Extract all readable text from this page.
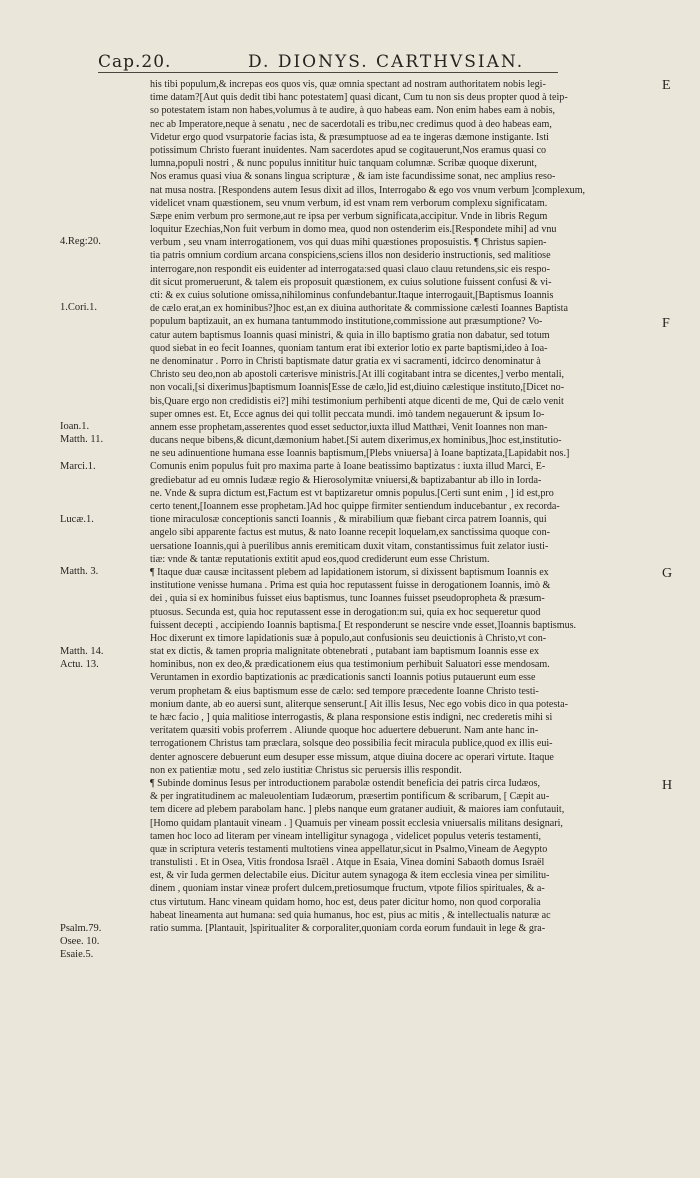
Cap.20.	D. DIONYS. CARTHVSIAN.
4.Reg:20.
1.Cori.1.
Ioan.1.
Matth. 11.
Marci.1.
Lucæ.1.
Matth. 3.
Matth. 14.
Actu. 13.
Psalm.79.
Osee. 10.
Esaie.5.
his tibi populum,& increpas eos quos vis, quæ omnia spectant ad nostram authoritatem nobis legi-
time datam?[Aut quis dedit tibi hanc potestatem] quasi dicant, Cum tu non sis deus propter quod à teip-
so potestatem istam non habes,volumus à te audire, à quo habeas eam. Non enim habes eam à nobis,
nec ab Imperatore,neque à senatu , nec de sacerdotali es tribu,nec credimus quod à deo habeas eam,
Videtur ergo quod vsurpatorie facias ista, & præsumptuose ad ea te ingeras dæmone instigante. Isti
potissimum Christo fuerant inuidentes. Nam sacerdotes apud se cogitauerunt,Nos eramus quasi co
lumna,populi nostri , & nunc populus innititur huic tanquam columnæ. Scribæ quoque dixerunt,
Nos eramus quasi viua & sonans lingua scripturæ , & iam iste facundissime sonat, nec amplius reso-
nat musa nostra. [Respondens autem Iesus dixit ad illos, Interrogabo & ego vos vnum verbum ]complexum,
videlicet vnam quæstionem, seu vnum verbum, id est vnam rem verborum complexu significatam.
Sæpe enim verbum pro sermone,aut re ipsa per verbum significata,accipitur. Vnde in libris Regum
loquitur Ezechias,Non fuit verbum in domo mea, quod non ostenderim eis.[Respondete mihi] ad vnu
verbum , seu vnam interrogationem, vos qui duas mihi quæstiones proposuistis. ¶ Christus sapien-
tia patris omnium cordium arcana conspiciens,sciens illos non desiderio instructionis, sed malitiose
interrogare,non respondit eis euidenter ad interrogata:sed quasi clauo clauu retundens,sic eis respo-
dit sicut promeruerunt, & talem eis proposuit quæstionem, ex cuius solutione fuissent confusi & vi-
cti: & ex cuius solutione omissa,nihilominus confundebantur.Itaque interrogauit,[Baptismus Ioannis
de cælo erat,an ex hominibus?]hoc est,an ex diuina authoritate & commissione cælesti Ioannes Baptista
populum baptizauit, an ex humana tantummodo institutione,commissione aut præsumptione? Vo-
catur autem baptismus Ioannis quasi ministri, & quia in illo baptismo gratia non dabatur, sed totum
quod siebat in eo fecit Ioannes, quoniam tantum erat ibi exterior lotio ex parte baptismi,ideo à Ioa-
ne denominatur . Porro in Christi baptismate datur gratia ex vi sacramenti, idcirco denominatur à
Christo seu deo,non ab apostoli cæterisve ministris.[At illi cogitabant intra se dicentes,] verbo mentali,
non vocali,[si dixerimus]baptismum Ioannis[Esse de cælo,]id est,diuino cælestique instituto,[Dicet no-
bis,Quare ergo non credidistis ei?] mihi testimonium perhibenti atque dicenti de me, Qui de cælo venit
super omnes est. Et, Ecce agnus dei qui tollit peccata mundi. imò tandem negauerunt & ipsum Io-
annem esse prophetam,asserentes quod esset seductor,iuxta illud Matthæi, Venit Ioannes non man-
ducans neque bibens,& dicunt,dæmonium habet.[Si autem dixerimus,ex hominibus,]hoc est,institutio-
ne seu adinuentione humana esse Ioannis baptismum,[Plebs vniuersa] à Ioane baptizata,[Lapidabit nos.]
Comunis enim populus fuit pro maxima parte à Ioane beatissimo baptizatus : iuxta illud Marci, E-
grediebatur ad eu omnis Iudææ regio & Hierosolymitæ vniuersi,& baptizabantur ab illo in Iorda-
ne. Vnde & supra dictum est,Factum est vt baptizaretur omnis populus.[Certi sunt enim , ] id est,pro
certo tenent,[Ioannem esse prophetam.]Ad hoc quippe firmiter sentiendum inducebantur , ex recorda-
tione miraculosæ conceptionis sancti Ioannis , & mirabilium quæ fiebant circa patrem Ioannis, qui
angelo sibi apparente factus est mutus, & nato Ioanne recepit loquelam,ex sanctissima quoque con-
uersatione Ioannis,qui à puerilibus annis eremiticam duxit vitam, constantissimus fuit zelator iusti-
tiæ: vnde & tantæ reputationis extitit apud eos,quod crediderunt eum esse Christum.
¶ Itaque duæ causæ incitassent plebem ad lapidationem istorum, si dixissent baptismum Ioannis ex
institutione venisse humana . Prima est quia hoc reputassent fuisse in derogationem Ioannis, imò &
dei , quia si ex hominibus fuisset eius baptismus, tunc Ioannes fuisset pseudopropheta & præsum-
ptuosus. Secunda est, quia hoc reputassent esse in derogation:m sui, quia ex hoc sequeretur quod
fuissent decepti , accipiendo Ioannis baptisma.[ Et responderunt se nescire vnde esset,]Ioannis baptismus.
Hoc dixerunt ex timore lapidationis suæ à populo,aut confusionis seu deuictionis à Christo,vt con-
stat ex dictis, & tamen propria malignitate obtenebrati , putabant iam baptismum Ioannis esse ex
hominibus, non ex deo,& prædicationem eius qua testimonium perhibuit Saluatori esse mendosam.
Veruntamen in exordio baptizationis ac prædicationis sancti Ioannis potius putauerunt eum esse
verum prophetam & eius baptismum esse de cælo: sed tempore præcedente Ioanne Christo testi-
monium dante, ab eo auersi sunt, aliterque senserunt.[ Ait illis Iesus, Nec ego vobis dico in qua potesta-
te hæc facio , ] quia malitiose interrogastis, & plana responsione estis indigni, nec crederetis mihi si
veritatem quæsiti vobis proferrem . Aliunde quoque hoc aduertere debuerunt. Nam ante hanc in-
terrogationem Christus tam præclara, solsque deo possibilia fecit miracula publice,quod ex illis eui-
denter agnoscere debuerunt eum desuper esse missum, atque diuina docere ac operari virtute. Itaque
non ex patientiæ motu , sed zelo iustitiæ Christus sic peruersis illis respondit.
¶ Subinde dominus Iesus per introductionem parabolæ ostendit beneficia dei patris circa Iudæos,
& per ingratitudinem ac maleuolentiam Iudæorum, præsertim pontificum & scribarum, [ Cæpit au-
tem dicere ad plebem parabolam hanc. ] plebs nanque eum grataner audiuit, & maiores iam confutauit,
[Homo quidam plantauit vineam . ] Quamuis per vineam possit ecclesia vniuersalis militans designari,
tamen hoc loco ad literam per vineam intelligitur synagoga , videlicet populus veteris testamenti,
quæ in scriptura veteris testamenti multotiens vinea appellatur,sicut in Psalmo,Vineam de Aegypto
transtulisti . Et in Osea, Vitis frondosa Israël . Atque in Esaia, Vinea domini Sabaoth domus Israël
est, & vir Iuda germen delectabile eius. Dicitur autem synagoga & item ecclesia vinea per similitu-
dinem , quoniam instar vineæ profert dulcem,pretiosumque fructum, vtpote filios spirituales, & a-
ctus virtutum. Hanc vineam quidam homo, hoc est, deus pater dicitur homo, non quod corporalia
habeat lineamenta aut humana: sed quia humanus, hoc est, pius ac mitis , & intellectualis naturæ ac
ratio summa. [Plantauit, ]spiritualiter & corporaliter,quoniam corda eorum fundauit in lege & gra-
E
F
G
H
